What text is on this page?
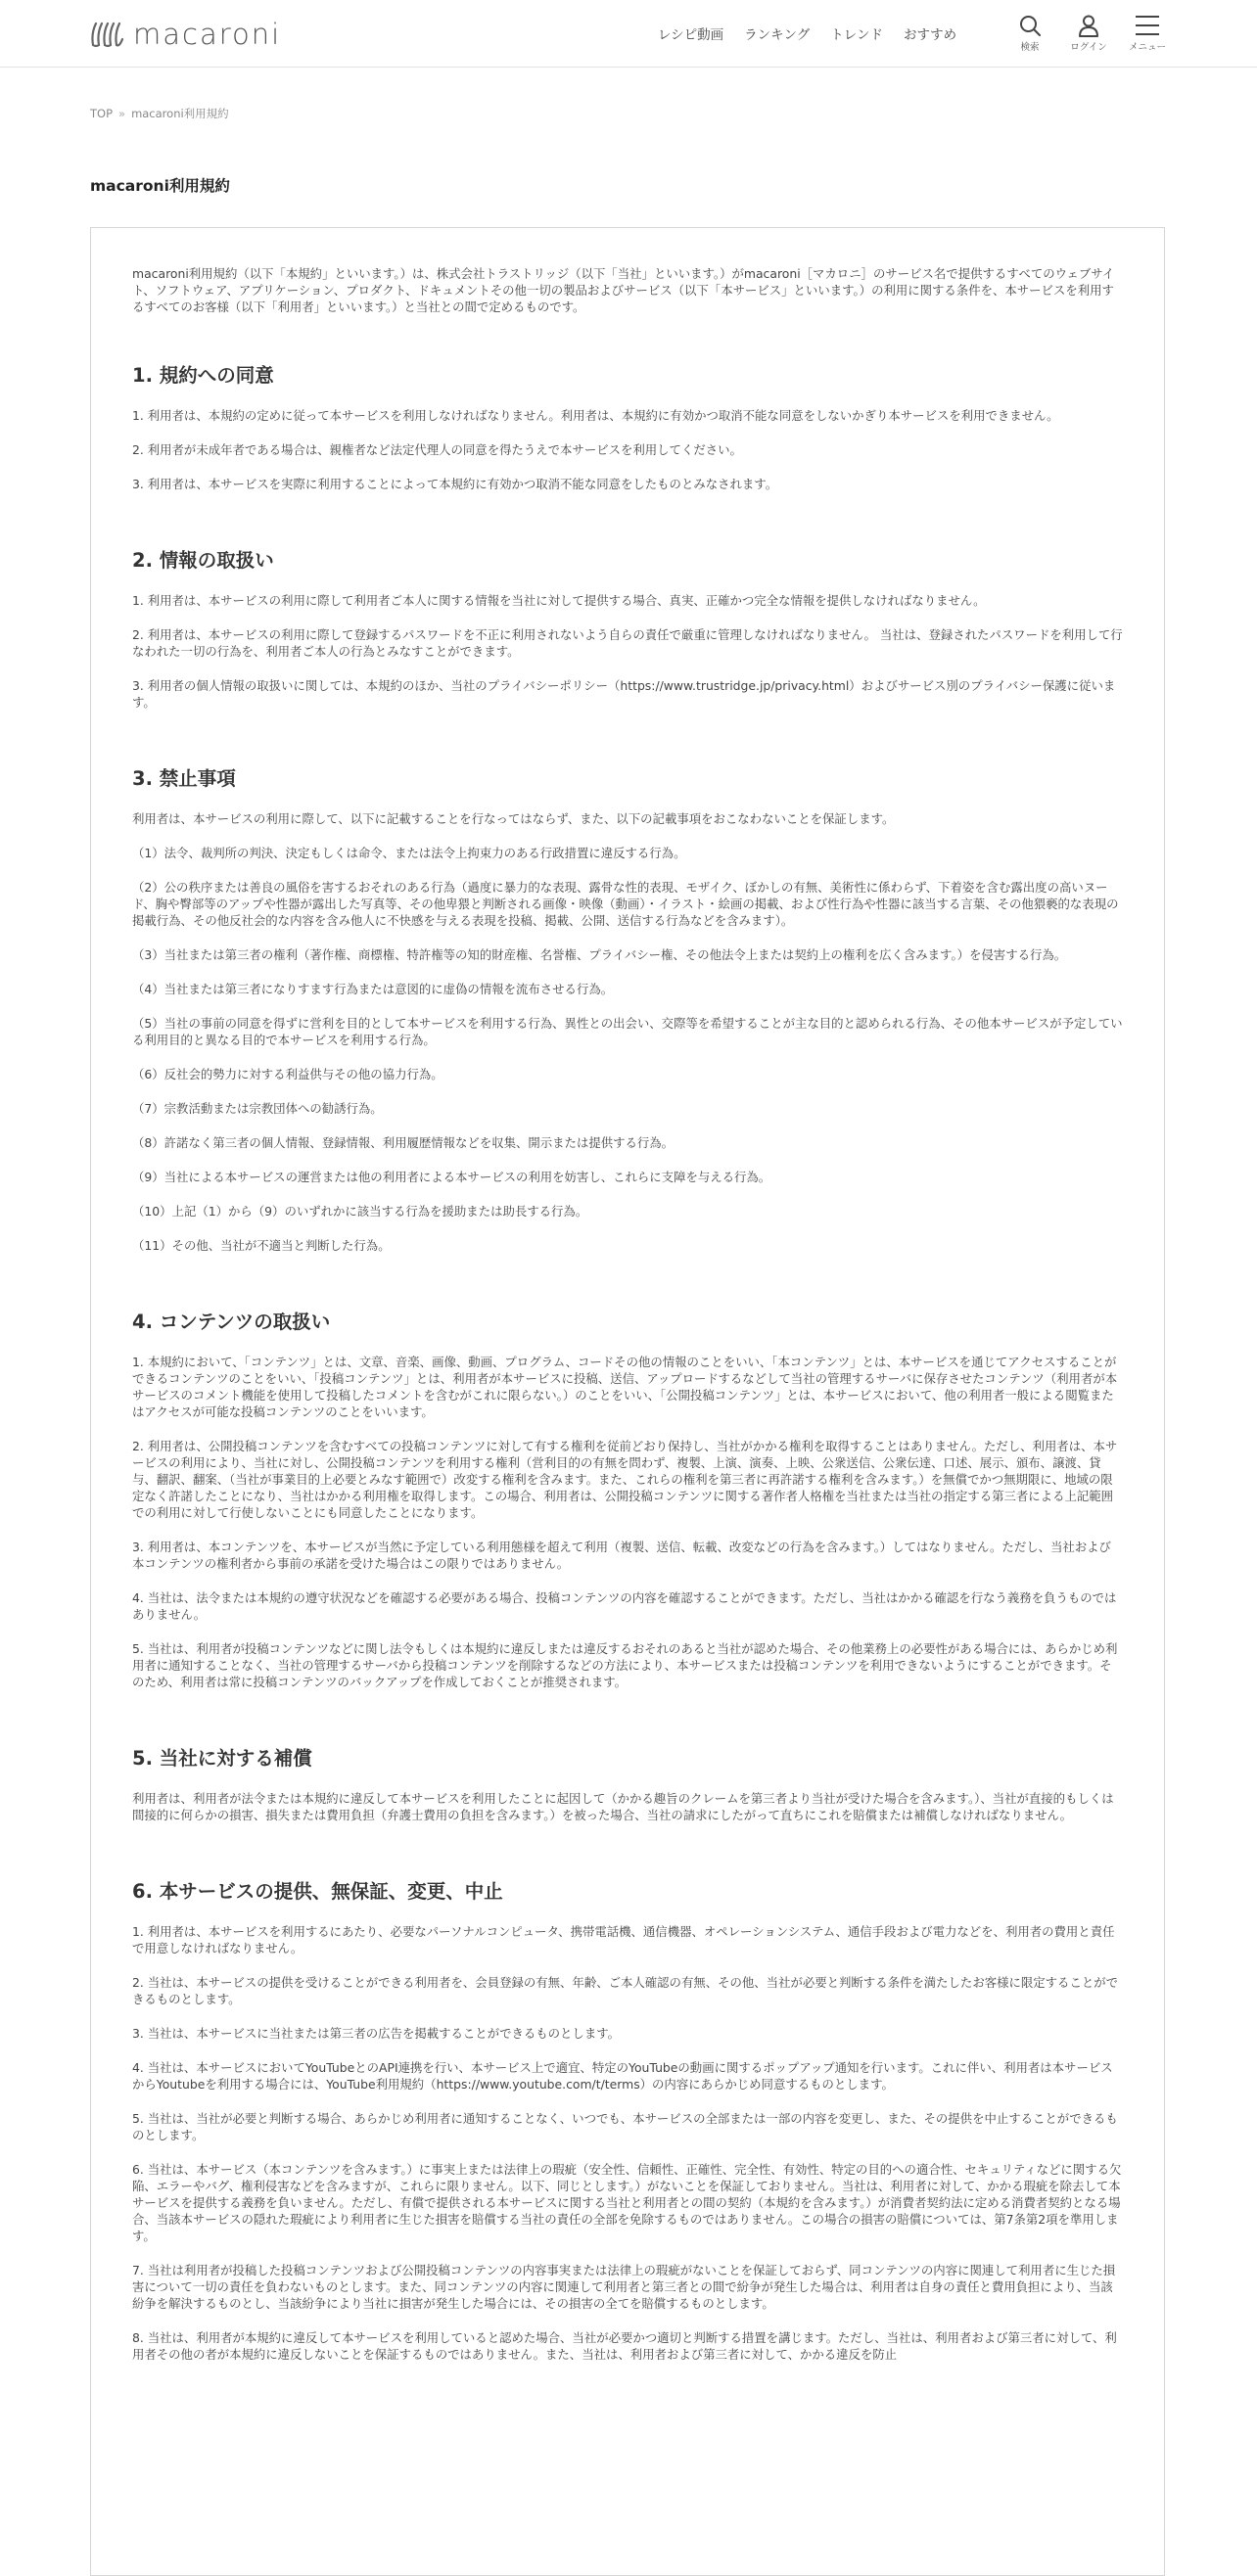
macaroni	レシピ動画 ランキング トレンド おすすめ
検索	ログイン メニュー
TOP » macaroni利用規約
macaroni利用規約

macaroni利用規約（以下「本規約」といいます。）は、株式会社トラストリッジ（以下「当社」といいます。）がmacaroni［マカロニ］のサービス名で提供するすべてのウェブサイト、ソフトウェア、アプリケーション、プロダクト、ドキュメントその他一切の製品およびサービス（以下「本サービス」といいます。）の利用に関する条件を、本サービスを利用するすべてのお客様（以下「利用者」といいます。）と当社との間で定めるものです。

1. 規約への同意

1. 利用者は、本規約の定めに従って本サービスを利用しなければなりません。利用者は、本規約に有効かつ取消不能な同意をしないかぎり本サービスを利用できません。

2. 利用者が未成年者である場合は、親権者など法定代理人の同意を得たうえで本サービスを利用してください。

3. 利用者は、本サービスを実際に利用することによって本規約に有効かつ取消不能な同意をしたものとみなされます。

2. 情報の取扱い

1. 利用者は、本サービスの利用に際して利用者ご本人に関する情報を当社に対して提供する場合、真実、正確かつ完全な情報を提供しなければなりません。

2. 利用者は、本サービスの利用に際して登録するパスワードを不正に利用されないよう自らの責任で厳重に管理しなければなりません。 当社は、登録されたパスワードを利用して行なわれた一切の行為を、利用者ご本人の行為とみなすことができます。

3. 利用者の個人情報の取扱いに関しては、本規約のほか、当社のプライバシーポリシー（https://www.trustridge.jp/privacy.html）およびサービス別のプライバシー保護に従います。

3. 禁止事項

利用者は、本サービスの利用に際して、以下に記載することを行なってはならず、また、以下の記載事項をおこなわないことを保証します。

（1）法令、裁判所の判決、決定もしくは命令、または法令上拘束力のある行政措置に違反する行為。

（2）公の秩序または善良の風俗を害するおそれのある行為（過度に暴力的な表現、露骨な性的表現、モザイク、ぼかしの有無、美術性に係わらず、下着姿を含む露出度の高いヌード、胸や臀部等のアップや性器が露出した写真等、その他卑猥と判断される画像・映像（動画）・イラスト・絵画の掲載、および性行為や性器に該当する言葉、その他猥褻的な表現の掲載行為、その他反社会的な内容を含み他人に不快感を与える表現を投稿、掲載、公開、送信する行為などを含みます）。

（3）当社または第三者の権利（著作権、商標権、特許権等の知的財産権、名誉権、プライバシー権、その他法令上または契約上の権利を広く含みます。）を侵害する行為。

（4）当社または第三者になりすます行為または意図的に虚偽の情報を流布させる行為。

（5）当社の事前の同意を得ずに営利を目的として本サービスを利用する行為、異性との出会い、交際等を希望することが主な目的と認められる行為、その他本サービスが予定している利用目的と異なる目的で本サービスを利用する行為。

（6）反社会的勢力に対する利益供与その他の協力行為。

（7）宗教活動または宗教団体への勧誘行為。

（8）許諾なく第三者の個人情報、登録情報、利用履歴情報などを収集、開示または提供する行為。

（9）当社による本サービスの運営または他の利用者による本サービスの利用を妨害し、これらに支障を与える行為。

（10）上記（1）から（9）のいずれかに該当する行為を援助または助長する行為。

（11）その他、当社が不適当と判断した行為。

4. コンテンツの取扱い

1. 本規約において、「コンテンツ」とは、文章、音楽、画像、動画、プログラム、コードその他の情報のことをいい、「本コンテンツ」とは、本サービスを通じてアクセスすることができるコンテンツのことをいい、「投稿コンテンツ」とは、利用者が本サービスに投稿、送信、アップロードするなどして当社の管理するサーバに保存させたコンテンツ（利用者が本サービスのコメント機能を使用して投稿したコメントを含むがこれに限らない。）のことをいい、「公開投稿コンテンツ」とは、本サービスにおいて、他の利用者一般による閲覧またはアクセスが可能な投稿コンテンツのことをいいます。

2. 利用者は、公開投稿コンテンツを含むすべての投稿コンテンツに対して有する権利を従前どおり保持し、当社がかかる権利を取得することはありません。ただし、利用者は、本サービスの利用により、当社に対し、公開投稿コンテンツを利用する権利（営利目的の有無を問わず、複製、上演、演奏、上映、公衆送信、公衆伝達、口述、展示、頒布、譲渡、貸与、翻訳、翻案、（当社が事業目的上必要とみなす範囲で）改変する権利を含みます。また、これらの権利を第三者に再許諾する権利を含みます。）を無償でかつ無期限に、地域の限定なく許諾したことになり、当社はかかる利用権を取得します。この場合、利用者は、公開投稿コンテンツに関する著作者人格権を当社または当社の指定する第三者による上記範囲での利用に対して行使しないことにも同意したことになります。

3. 利用者は、本コンテンツを、本サービスが当然に予定している利用態様を超えて利用（複製、送信、転載、改変などの行為を含みます。）してはなりません。ただし、当社および本コンテンツの権利者から事前の承諾を受けた場合はこの限りではありません。

4. 当社は、法令または本規約の遵守状況などを確認する必要がある場合、投稿コンテンツの内容を確認することができます。ただし、当社はかかる確認を行なう義務を負うものではありません。

5. 当社は、利用者が投稿コンテンツなどに関し法令もしくは本規約に違反しまたは違反するおそれのあると当社が認めた場合、その他業務上の必要性がある場合には、あらかじめ利用者に通知することなく、当社の管理するサーバから投稿コンテンツを削除するなどの方法により、本サービスまたは投稿コンテンツを利用できないようにすることができます。そのため、利用者は常に投稿コンテンツのバックアップを作成しておくことが推奨されます。

5. 当社に対する補償

利用者は、利用者が法令または本規約に違反して本サービスを利用したことに起因して（かかる趣旨のクレームを第三者より当社が受けた場合を含みます。）、当社が直接的もしくは間接的に何らかの損害、損失または費用負担（弁護士費用の負担を含みます。）を被った場合、当社の請求にしたがって直ちにこれを賠償または補償しなければなりません。

6. 本サービスの提供、無保証、変更、中止

1. 利用者は、本サービスを利用するにあたり、必要なパーソナルコンピュータ、携帯電話機、通信機器、オペレーションシステム、通信手段および電力などを、利用者の費用と責任で用意しなければなりません。

2. 当社は、本サービスの提供を受けることができる利用者を、会員登録の有無、年齢、ご本人確認の有無、その他、当社が必要と判断する条件を満たしたお客様に限定することができるものとします。

3. 当社は、本サービスに当社または第三者の広告を掲載することができるものとします。

4. 当社は、本サービスにおいてYouTubeとのAPI連携を行い、本サービス上で適宜、特定のYouTubeの動画に関するポップアップ通知を行います。これに伴い、利用者は本サービスからYoutubeを利用する場合には、YouTube利用規約（https://www.youtube.com/t/terms）の内容にあらかじめ同意するものとします。

5. 当社は、当社が必要と判断する場合、あらかじめ利用者に通知することなく、いつでも、本サービスの全部または一部の内容を変更し、また、その提供を中止することができるものとします。

6. 当社は、本サービス（本コンテンツを含みます。）に事実上または法律上の瑕疵（安全性、信頼性、正確性、完全性、有効性、特定の目的への適合性、セキュリティなどに関する欠陥、エラーやバグ、権利侵害などを含みますが、これらに限りません。以下、同じとします。）がないことを保証しておりません。当社は、利用者に対して、かかる瑕疵を除去して本サービスを提供する義務を負いません。ただし、有償で提供される本サービスに関する当社と利用者との間の契約（本規約を含みます。）が消費者契約法に定める消費者契約となる場合、当該本サービスの隠れた瑕疵により利用者に生じた損害を賠償する当社の責任の全部を免除するものではありません。この場合の損害の賠償については、第7条第2項を準用します。

7. 当社は利用者が投稿した投稿コンテンツおよび公開投稿コンテンツの内容事実または法律上の瑕疵がないことを保証しておらず、同コンテンツの内容に関連して利用者に生じた損害について一切の責任を負わないものとします。また、同コンテンツの内容に関連して利用者と第三者との間で紛争が発生した場合は、利用者は自身の責任と費用負担により、当該紛争を解決するものとし、当該紛争により当社に損害が発生した場合には、その損害の全てを賠償するものとします。

8. 当社は、利用者が本規約に違反して本サービスを利用していると認めた場合、当社が必要かつ適切と判断する措置を講じます。ただし、当社は、利用者および第三者に対して、利用者その他の者が本規約に違反しないことを保証するものではありません。また、当社は、利用者および第三者に対して、かかる違反を防止
